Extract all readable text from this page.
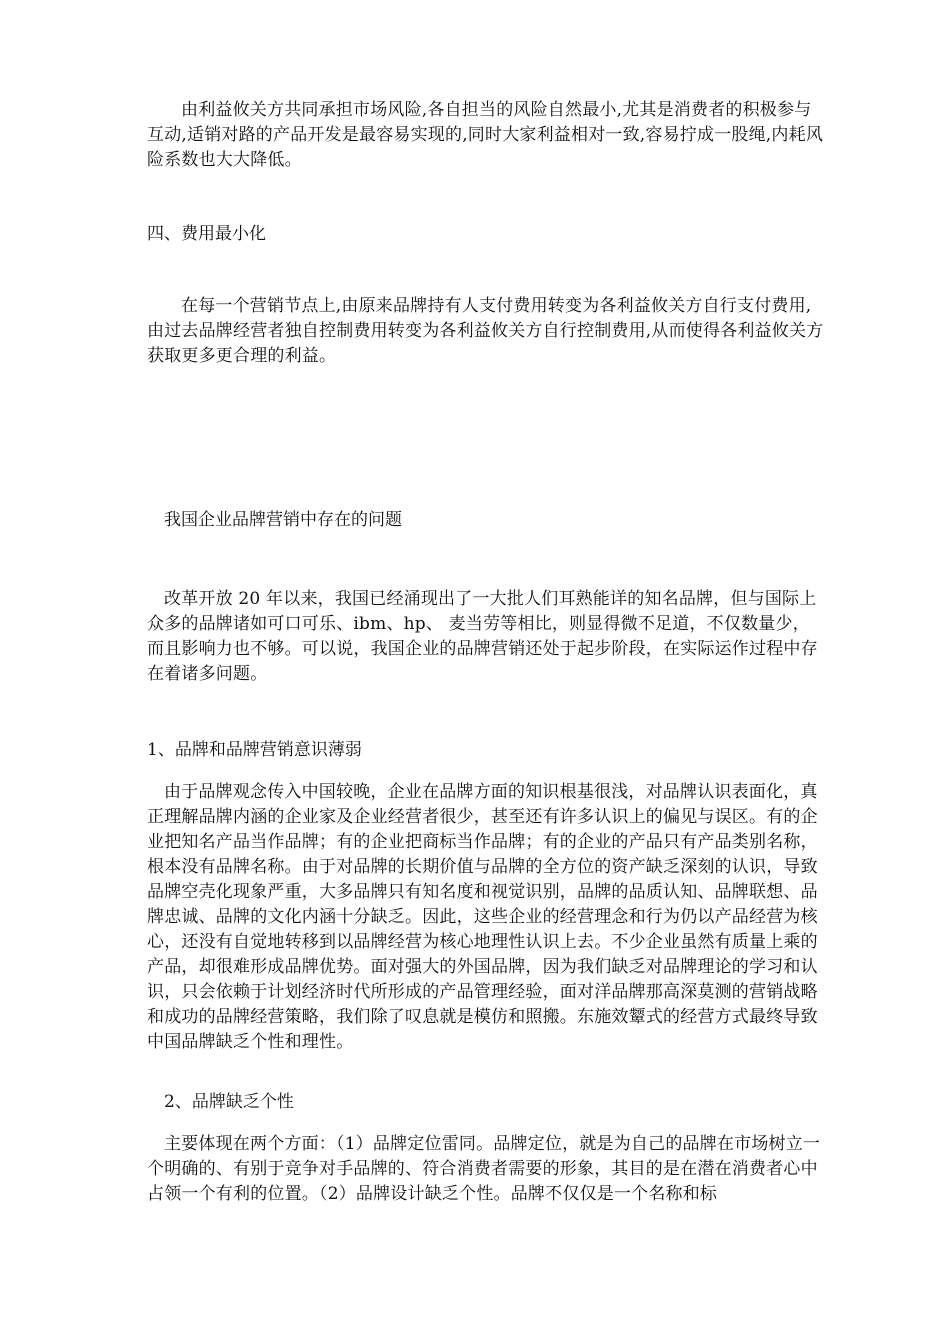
由利益攸关方共同承担市场风险,各自担当的风险自然最小,尤其是消费者的积极参与互动,适销对路的产品开发是最容易实现的,同时大家利益相对一致,容易拧成一股绳,内耗风险系数也大大降低。

四、费用最小化

在每一个营销节点上,由原来品牌持有人支付费用转变为各利益攸关方自行支付费用,由过去品牌经营者独自控制费用转变为各利益攸关方自行控制费用,从而使得各利益攸关方获取更多更合理的利益。

我国企业品牌营销中存在的问题

改革开放 20 年以来，我国已经涌现出了一大批人们耳熟能详的知名品牌，但与国际上众多的品牌诸如可口可乐、ibm、hp、 麦当劳等相比，则显得微不足道，不仅数量少，而且影响力也不够。可以说，我国企业的品牌营销还处于起步阶段，在实际运作过程中存在着诸多问题。

1、品牌和品牌营销意识薄弱

由于品牌观念传入中国较晚，企业在品牌方面的知识根基很浅，对品牌认识表面化，真正理解品牌内涵的企业家及企业经营者很少，甚至还有许多认识上的偏见与误区。有的企业把知名产品当作品牌；有的企业把商标当作品牌；有的企业的产品只有产品类别名称，根本没有品牌名称。由于对品牌的长期价值与品牌的全方位的资产缺乏深刻的认识，导致品牌空壳化现象严重，大多品牌只有知名度和视觉识别，品牌的品质认知、品牌联想、品牌忠诚、品牌的文化内涵十分缺乏。因此，这些企业的经营理念和行为仍以产品经营为核心，还没有自觉地转移到以品牌经营为核心地理性认识上去。不少企业虽然有质量上乘的产品，却很难形成品牌优势。面对强大的外国品牌，因为我们缺乏对品牌理论的学习和认识，只会依赖于计划经济时代所形成的产品管理经验，面对洋品牌那高深莫测的营销战略和成功的品牌经营策略，我们除了叹息就是模仿和照搬。东施效颦式的经营方式最终导致中国品牌缺乏个性和理性。

2、品牌缺乏个性

主要体现在两个方面：（1）品牌定位雷同。品牌定位，就是为自己的品牌在市场树立一个明确的、有别于竞争对手品牌的、符合消费者需要的形象，其目的是在潜在消费者心中占领一个有利的位置。（2）品牌设计缺乏个性。品牌不仅仅是一个名称和标
